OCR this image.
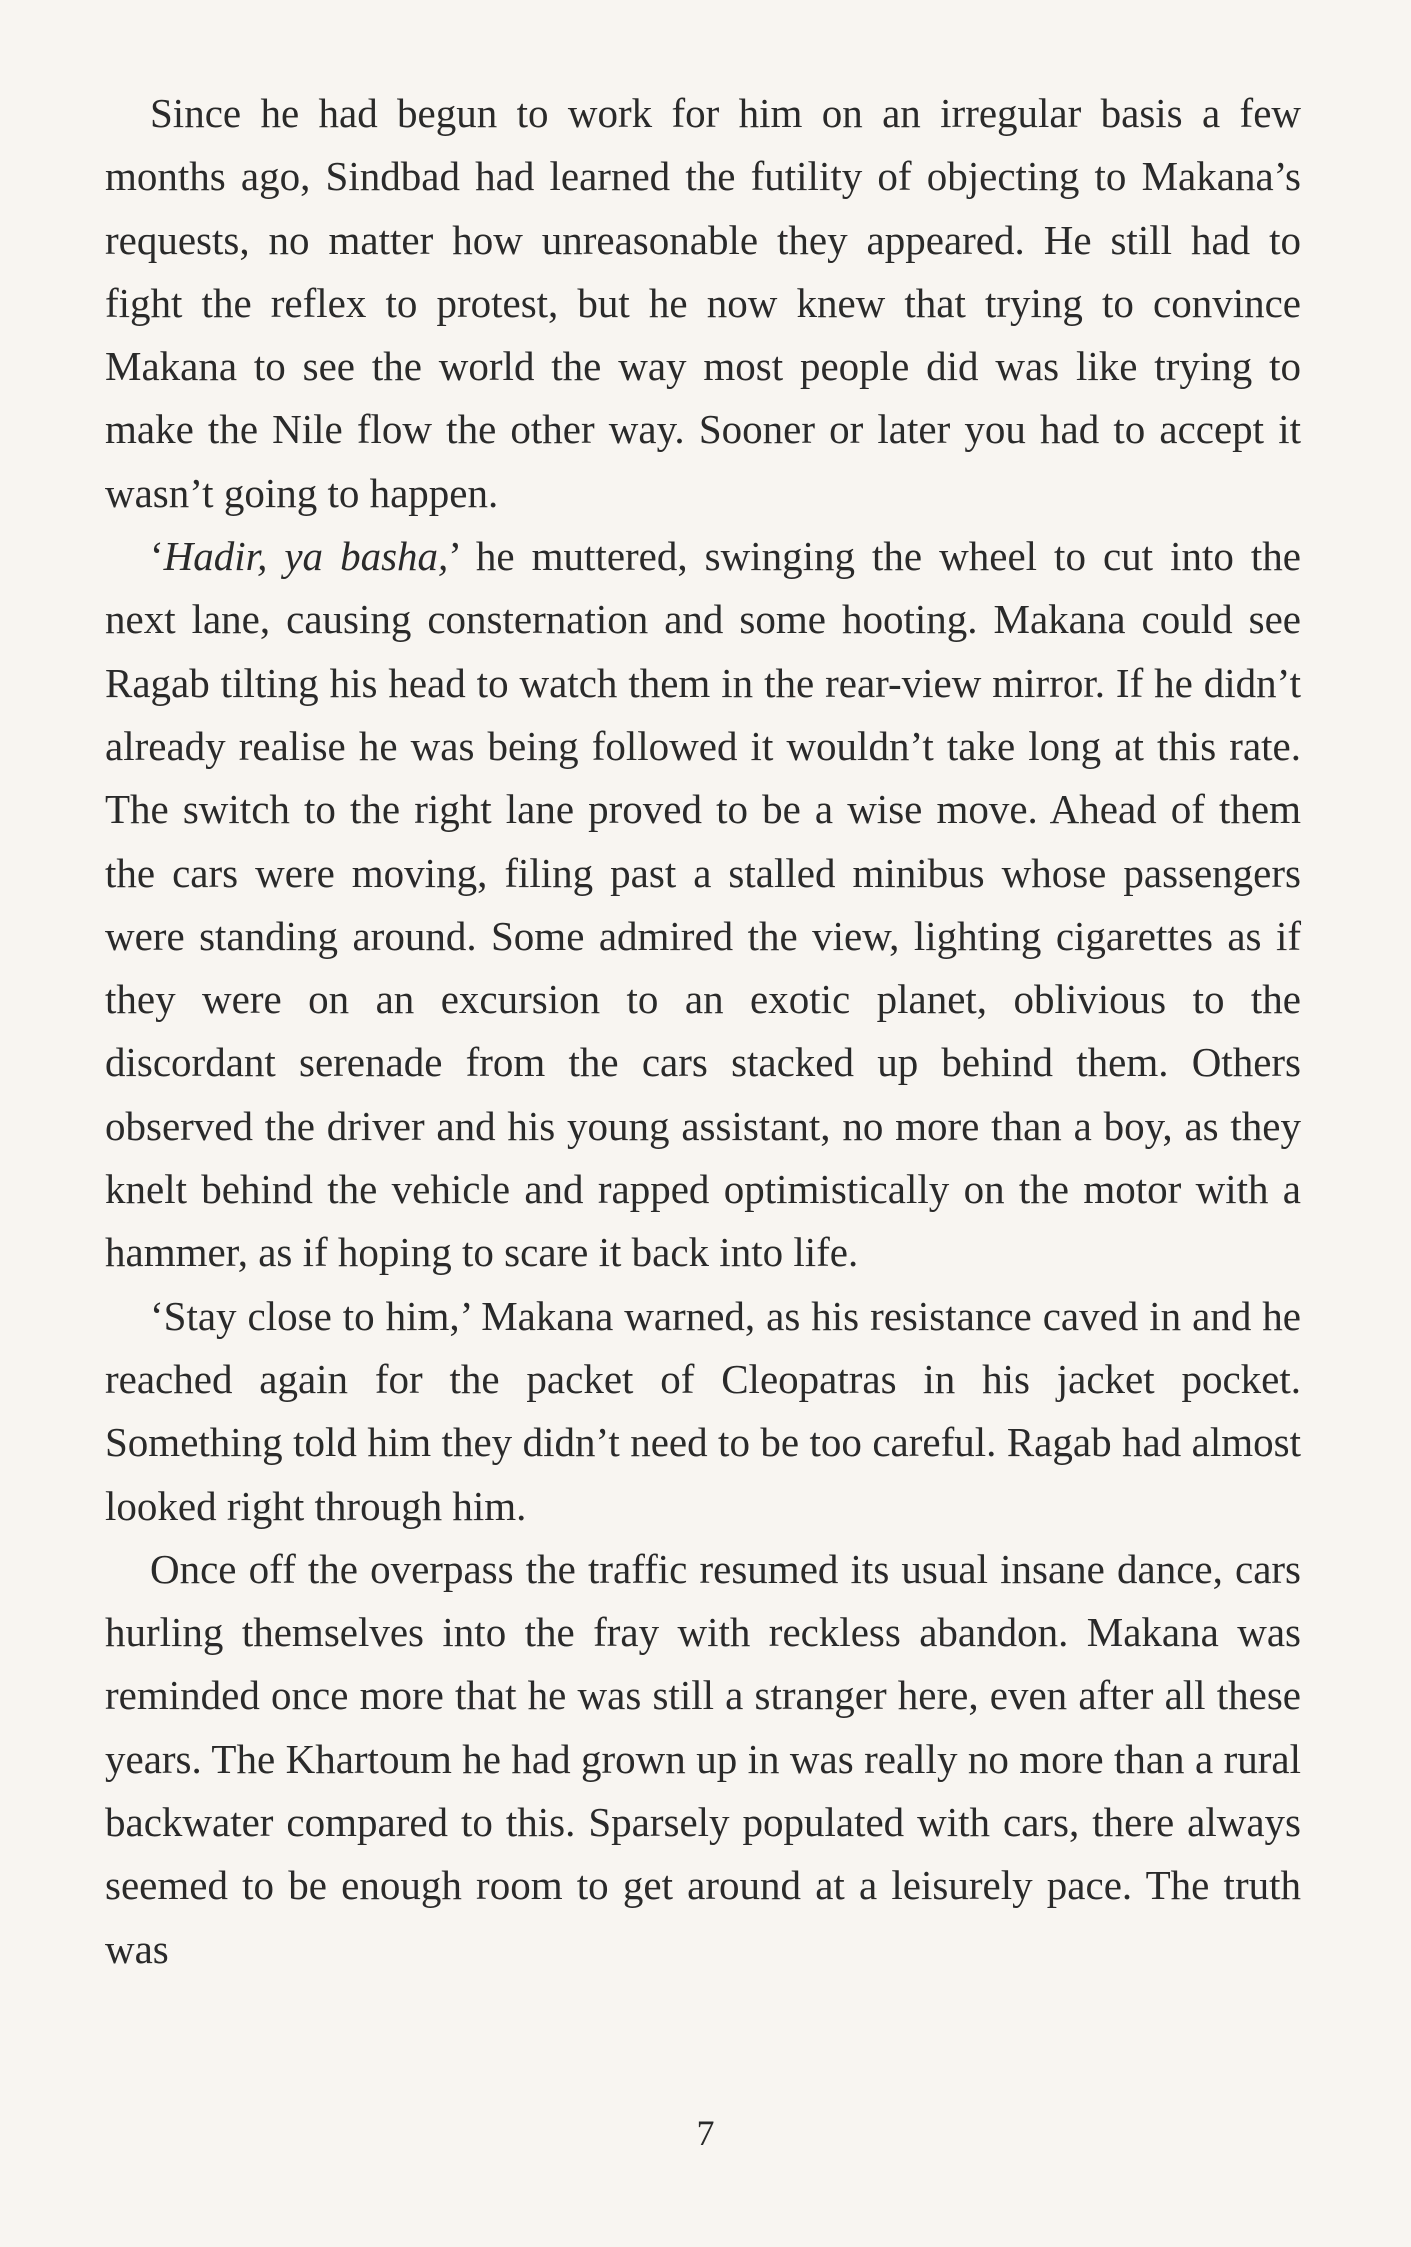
Since he had begun to work for him on an irregular basis a few months ago, Sindbad had learned the futility of objecting to Makana’s requests, no matter how unreasonable they appeared. He still had to fight the reflex to protest, but he now knew that trying to convince Makana to see the world the way most people did was like trying to make the Nile flow the other way. Sooner or later you had to accept it wasn’t going to happen.

‘Hadir, ya basha,’ he muttered, swinging the wheel to cut into the next lane, causing consternation and some hooting. Makana could see Ragab tilting his head to watch them in the rear-view mirror. If he didn’t already realise he was being followed it wouldn’t take long at this rate. The switch to the right lane proved to be a wise move. Ahead of them the cars were moving, filing past a stalled minibus whose passengers were standing around. Some admired the view, lighting cigarettes as if they were on an excursion to an exotic planet, oblivious to the discordant serenade from the cars stacked up behind them. Others observed the driver and his young assistant, no more than a boy, as they knelt behind the vehicle and rapped optimistically on the motor with a hammer, as if hoping to scare it back into life.

‘Stay close to him,’ Makana warned, as his resistance caved in and he reached again for the packet of Cleopatras in his jacket pocket. Something told him they didn’t need to be too careful. Ragab had almost looked right through him.

Once off the overpass the traffic resumed its usual insane dance, cars hurling themselves into the fray with reckless abandon. Makana was reminded once more that he was still a stranger here, even after all these years. The Khartoum he had grown up in was really no more than a rural backwater compared to this. Sparsely populated with cars, there always seemed to be enough room to get around at a leisurely pace. The truth was

7
